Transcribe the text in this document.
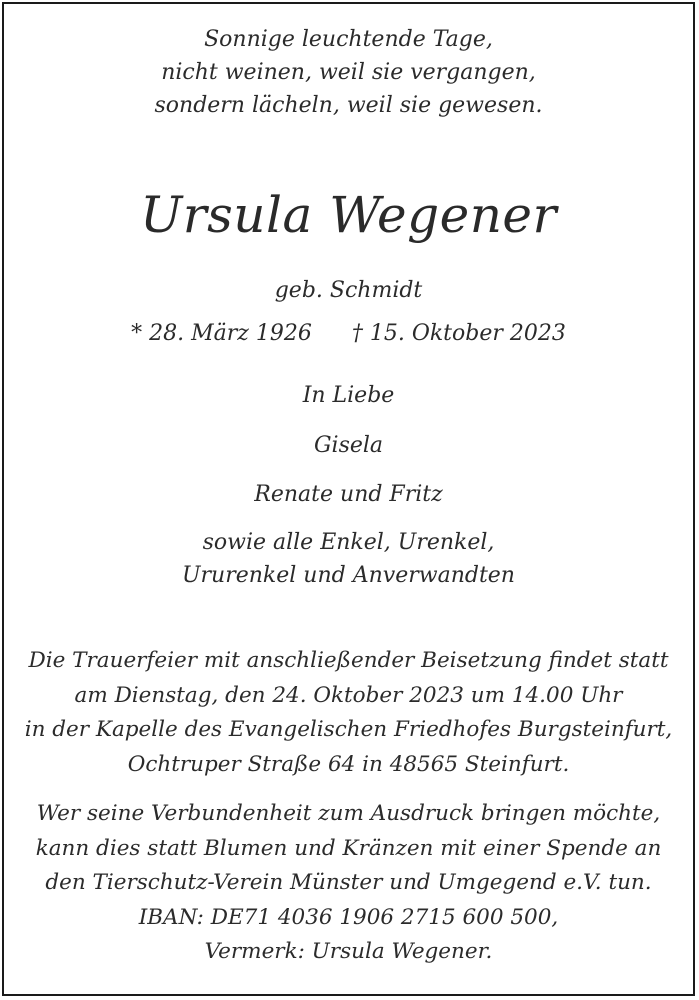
Sonnige leuchtende Tage,
nicht weinen, weil sie vergangen,
sondern lächeln, weil sie gewesen.
Ursula Wegener
geb. Schmidt
* 28. März 1926 † 15. Oktober 2023
In Liebe
Gisela
Renate und Fritz
sowie alle Enkel, Urenkel,
Ururenkel und Anverwandten
Die Trauerfeier mit anschließender Beisetzung findet statt
am Dienstag, den 24. Oktober 2023 um 14.00 Uhr
in der Kapelle des Evangelischen Friedhofes Burgsteinfurt,
Ochtruper Straße 64 in 48565 Steinfurt.
Wer seine Verbundenheit zum Ausdruck bringen möchte,
kann dies statt Blumen und Kränzen mit einer Spende an
den Tierschutz-Verein Münster und Umgegend e.V. tun.
IBAN: DE71 4036 1906 2715 600 500,
Vermerk: Ursula Wegener.
